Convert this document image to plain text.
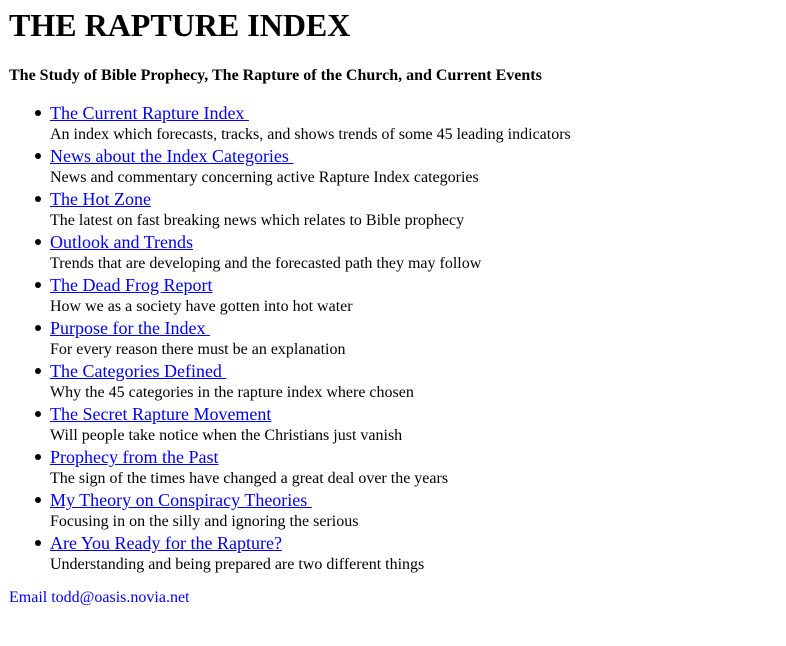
THE RAPTURE INDEX
The Study of Bible Prophecy, The Rapture of the Church, and Current Events
The Current Rapture Index
An index which forecasts, tracks, and shows trends of some 45 leading indicators
News about the Index Categories
News and commentary concerning active Rapture Index categories
The Hot Zone
The latest on fast breaking news which relates to Bible prophecy
Outlook and Trends
Trends that are developing and the forecasted path they may follow
The Dead Frog Report
How we as a society have gotten into hot water
Purpose for the Index
For every reason there must be an explanation
The Categories Defined
Why the 45 categories in the rapture index where chosen
The Secret Rapture Movement
Will people take notice when the Christians just vanish
Prophecy from the Past
The sign of the times have changed a great deal over the years
My Theory on Conspiracy Theories
Focusing in on the silly and ignoring the serious
Are You Ready for the Rapture?
Understanding and being prepared are two different things
Email todd@oasis.novia.net
